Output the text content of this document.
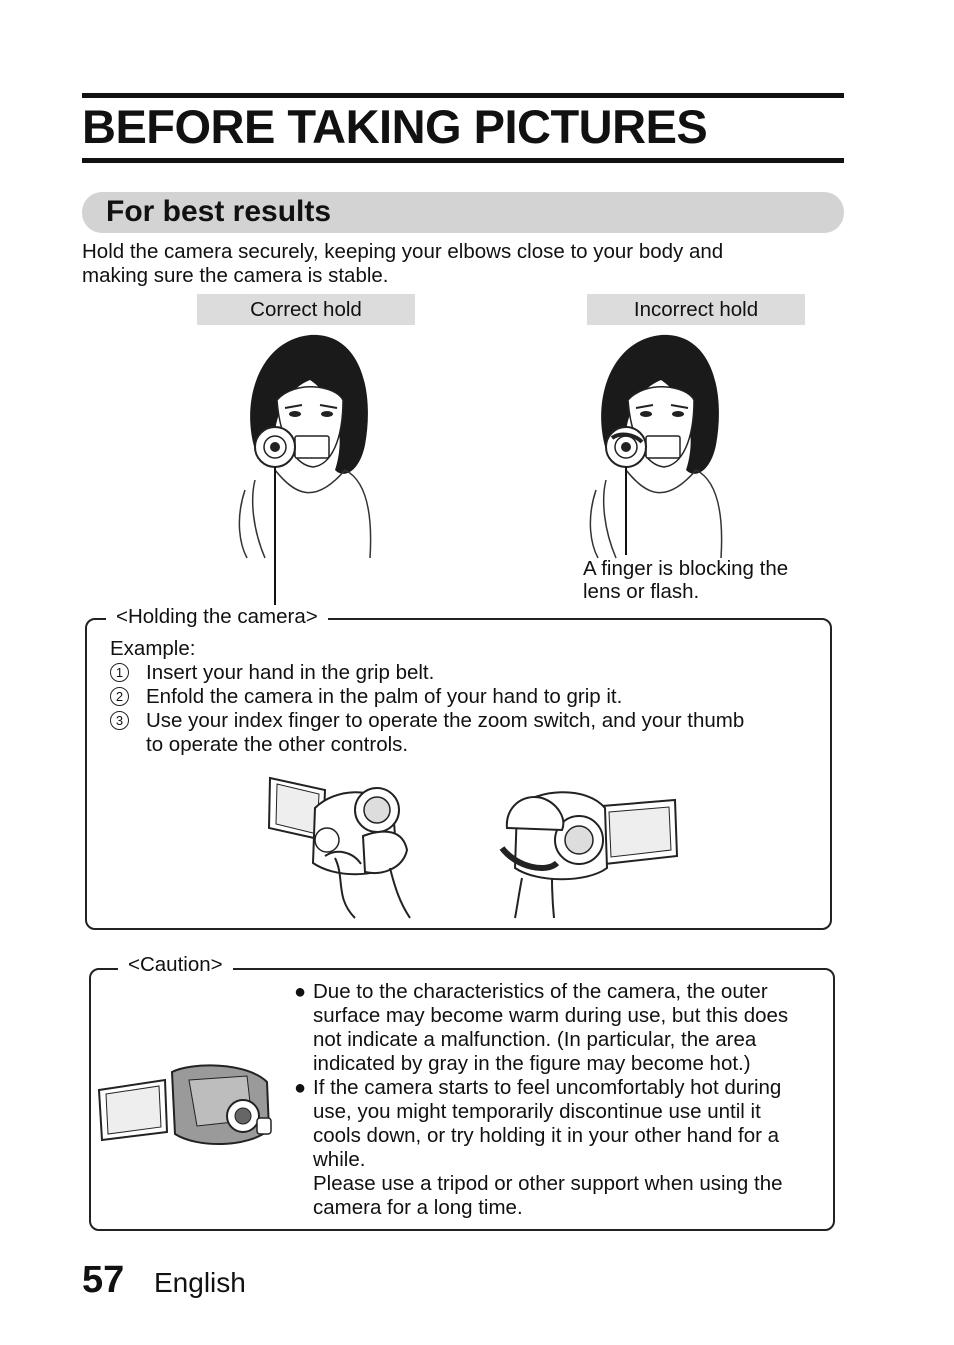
BEFORE TAKING PICTURES
For best results
Hold the camera securely, keeping your elbows close to your body and
making sure the camera is stable.
Correct hold	Incorrect hold
A finger is blocking the
lens or flash.
<Holding the camera>
Example:
1	Insert your hand in the grip belt.
2	Enfold the camera in the palm of your hand to grip it.
3	Use your index finger to operate the zoom switch, and your thumb
to operate the other controls.
<Caution>
● Due to the characteristics of the camera, the outer
surface may become warm during use, but this does
not indicate a malfunction. (In particular, the area
indicated by gray in the figure may become hot.)
● If the camera starts to feel uncomfortably hot during
use, you might temporarily discontinue use until it
cools down, or try holding it in your other hand for a
while.
Please use a tripod or other support when using the
camera for a long time.
57 English
